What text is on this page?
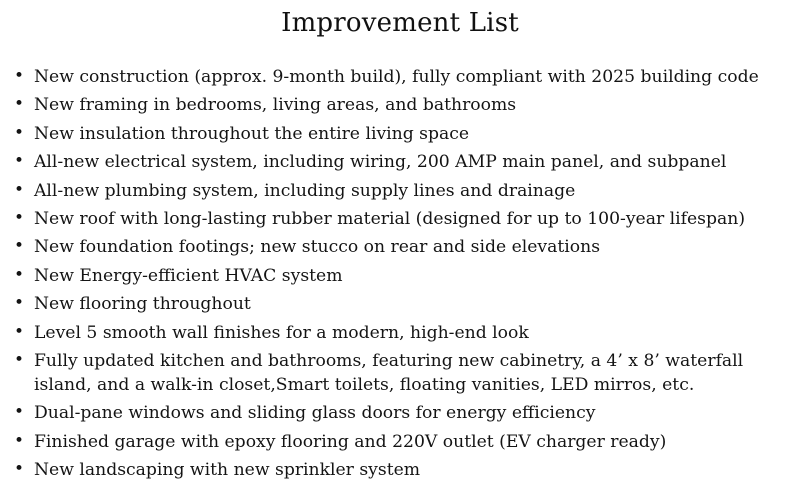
Improvement List
• New construction (approx. 9-month build), fully compliant with 2025 building code
• New framing in bedrooms, living areas, and bathrooms
• New insulation throughout the entire living space
• All-new electrical system, including wiring, 200 AMP main panel, and subpanel
• All-new plumbing system, including supply lines and drainage
• New roof with long-lasting rubber material (designed for up to 100-year lifespan)
• New foundation footings; new stucco on rear and side elevations
• New Energy-efficient HVAC system
• New flooring throughout
• Level 5 smooth wall finishes for a modern, high-end look
• Fully updated kitchen and bathrooms, featuring new cabinetry, a 4’ x 8’ waterfall island, and a walk-in closet,Smart toilets, floating vanities, LED mirros, etc.
• Dual-pane windows and sliding glass doors for energy efficiency
• Finished garage with epoxy flooring and 220V outlet (EV charger ready)
• New landscaping with new sprinkler system
